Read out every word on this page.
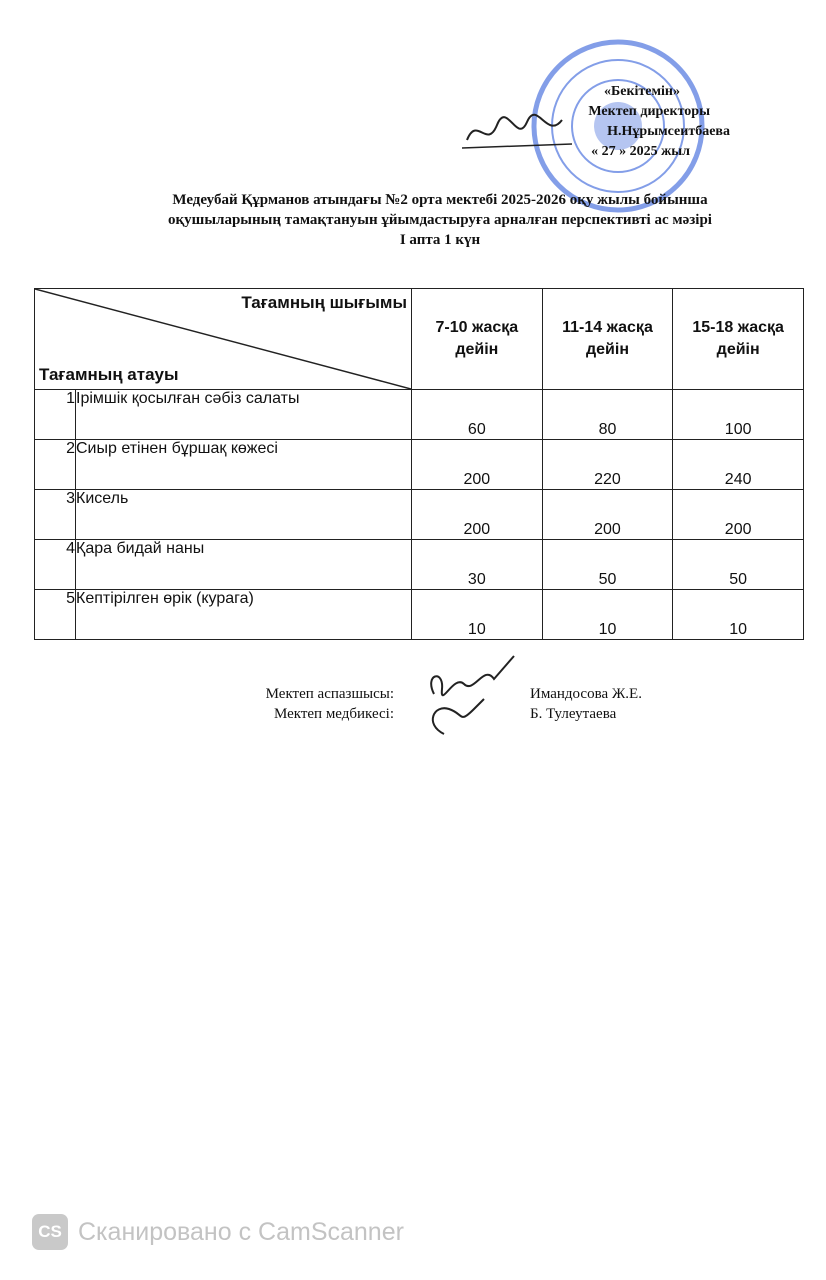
«Бекітемін»
Мектеп директоры
Н.Нұрымсеитбаева
« 27 » 2025 жыл
Медеубай Құрманов атындағы №2 орта мектебі 2025-2026 оқу жылы бойынша
оқушыларының тамақтануын ұйымдастыруға арналған перспективті ас мәзірі
I апта 1 күн
Тағамның шығымы
Тағамның атауы		7-10 жасқа дейін	11-14 жасқа дейін	15-18 жасқа дейін
1	Ірімшік қосылған сәбіз салаты	60	80	100
2	Сиыр етінен бұршақ көжесі	200	220	240
3	Кисель	200	200	200
4	Қара бидай наны	30	50	50
5	Кептірілген өрік (курага)	10	10	10
Мектеп аспазшысы:	Имандосова Ж.Е.
Мектеп медбикесі:	Б. Тулеутаева
CS Сканировано с CamScanner
